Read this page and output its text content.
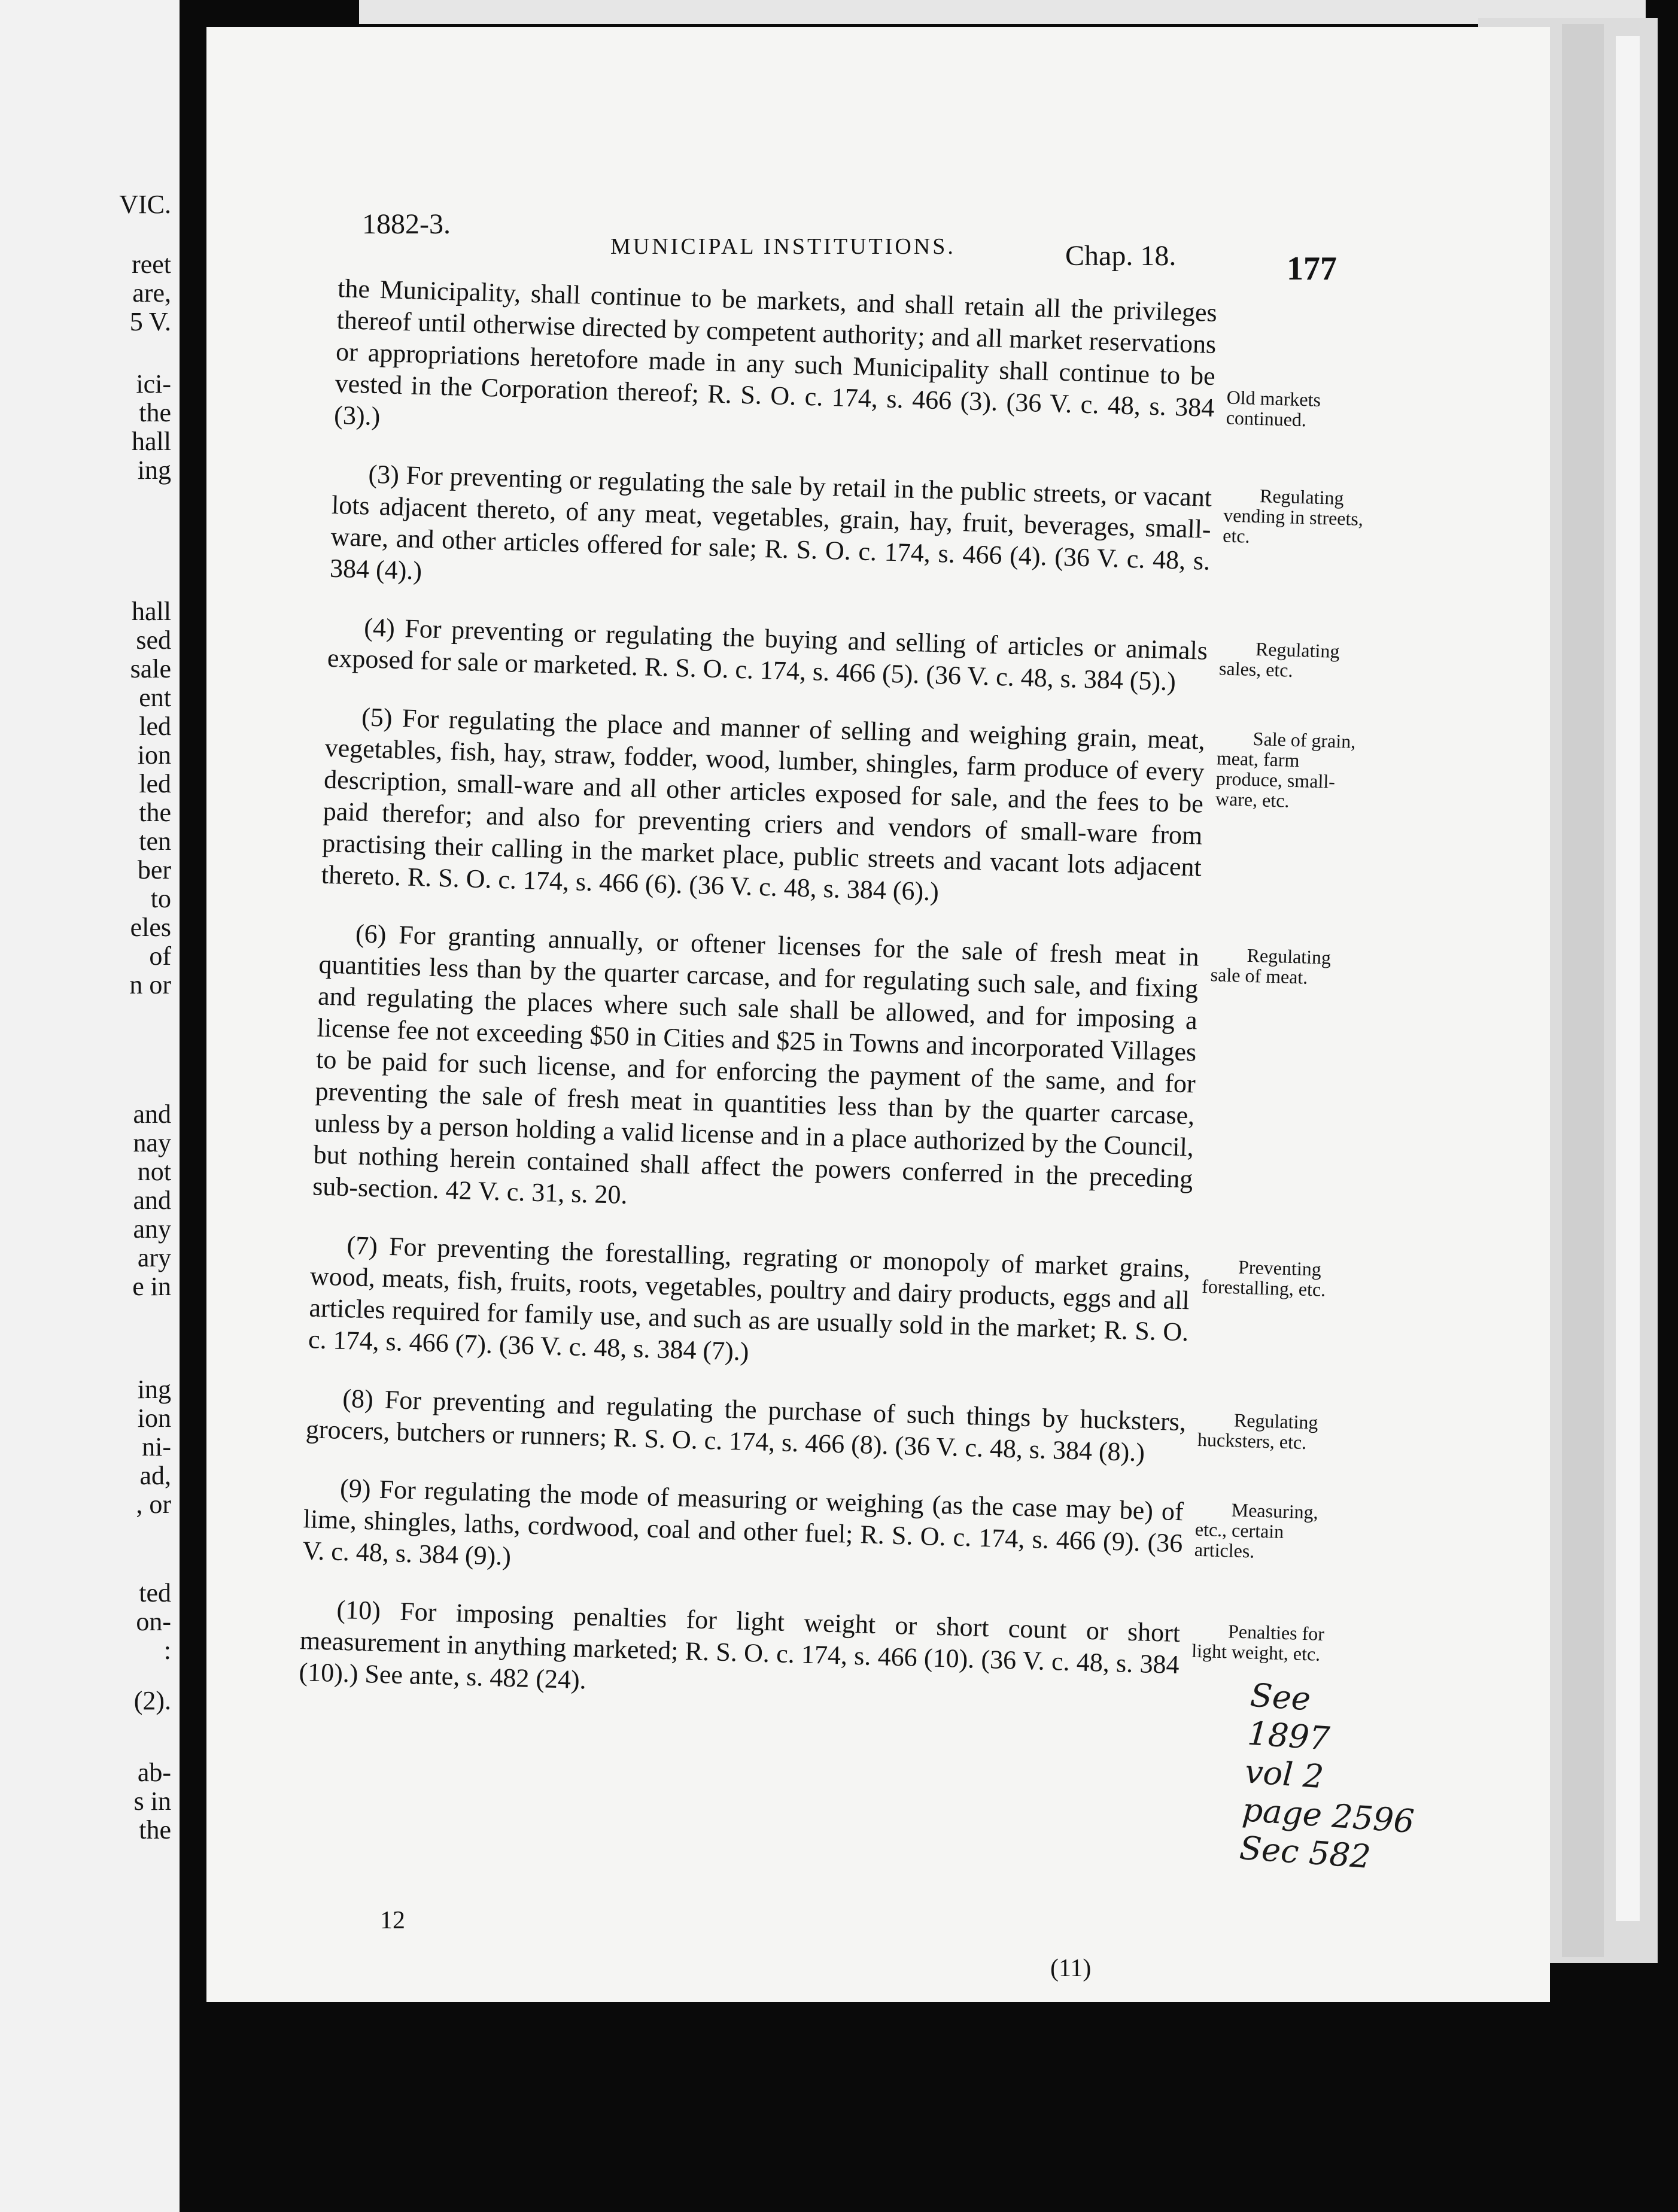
VIC.
reet
are,
5 V.
ici-
the
hall
ing
hall
sed
sale
ent
led
ion
led
the
ten
ber
to
eles
of
n or
and
nay
not
and
any
ary
e in
ing
ion
ni-
ad,
, or
ted
on-
:
(2).
ab-
s in
the
1882-3.
MUNICIPAL INSTITUTIONS.	Chap. 18.	177
the Municipality, shall continue to be markets, and shall retain all the privileges thereof until otherwise directed by competent authority; and all market reservations or appropriations heretofore made in any such Municipality shall continue to be vested in the Corporation thereof; R. S. O. c. 174, s. 466 (3). (36 V. c. 48, s. 384 (3).)
Old markets continued.
(3) For preventing or regulating the sale by retail in the public streets, or vacant lots adjacent thereto, of any meat, vegetables, grain, hay, fruit, beverages, small-ware, and other articles offered for sale; R. S. O. c. 174, s. 466 (4). (36 V. c. 48, s. 384 (4).)
Regulating vending in streets, etc.
(4) For preventing or regulating the buying and selling of articles or animals exposed for sale or marketed. R. S. O. c. 174, s. 466 (5). (36 V. c. 48, s. 384 (5).)	Regulating sales, etc.
(5) For regulating the place and manner of selling and weighing grain, meat, vegetables, fish, hay, straw, fodder, wood, lumber, shingles, farm produce of every description, small-ware and all other articles exposed for sale, and the fees to be paid therefor; and also for preventing criers and vendors of small-ware from practising their calling in the market place, public streets and vacant lots adjacent thereto. R. S. O. c. 174, s. 466 (6). (36 V. c. 48, s. 384 (6).)
Sale of grain, meat, farm produce, small-ware, etc.
(6) For granting annually, or oftener licenses for the sale of fresh meat in quantities less than by the quarter carcase, and for regulating such sale, and fixing and regulating the places where such sale shall be allowed, and for imposing a license fee not exceeding $50 in Cities and $25 in Towns and incorporated Villages to be paid for such license, and for enforcing the payment of the same, and for preventing the sale of fresh meat in quantities less than by the quarter carcase, unless by a person holding a valid license and in a place authorized by the Council, but nothing herein contained shall affect the powers conferred in the preceding sub-section. 42 V. c. 31, s. 20.
Regulating sale of meat.
(7) For preventing the forestalling, regrating or monopoly of market grains, wood, meats, fish, fruits, roots, vegetables, poultry and dairy products, eggs and all articles required for family use, and such as are usually sold in the market; R. S. O. c. 174, s. 466 (7). (36 V. c. 48, s. 384 (7).)
Preventing forestalling, etc.
(8) For preventing and regulating the purchase of such things by hucksters, grocers, butchers or runners; R. S. O. c. 174, s. 466 (8). (36 V. c. 48, s. 384 (8).)	Regulating hucksters, etc.
(9) For regulating the mode of measuring or weighing (as the case may be) of lime, shingles, laths, cordwood, coal and other fuel; R. S. O. c. 174, s. 466 (9). (36 V. c. 48, s. 384 (9).)
Measuring, etc., certain articles.
(10) For imposing penalties for light weight or short count or short measurement in anything marketed; R. S. O. c. 174, s. 466 (10). (36 V. c. 48, s. 384 (10).) See ante, s. 482 (24).
Penalties for light weight, etc.
12
(11)
See
1897
vol 2
page 2596
Sec 582
